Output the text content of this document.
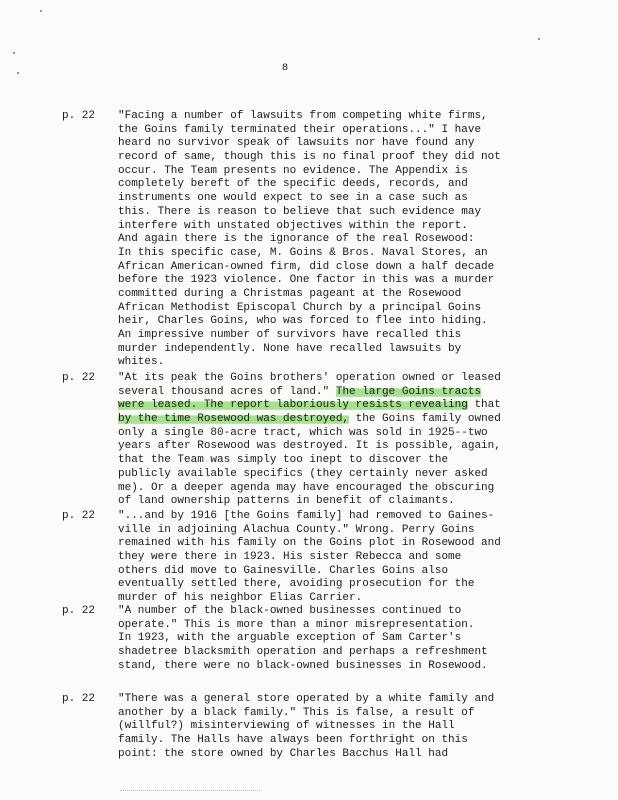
8
p. 22 "Facing a number of lawsuits from competing white firms,
the Goins family terminated their operations..." I have
heard no survivor speak of lawsuits nor have found any
record of same, though this is no final proof they did not
occur. The Team presents no evidence. The Appendix is
completely bereft of the specific deeds, records, and
instruments one would expect to see in a case such as
this. There is reason to believe that such evidence may
interfere with unstated objectives within the report.
And again there is the ignorance of the real Rosewood:
In this specific case, M. Goins & Bros. Naval Stores, an
African American-owned firm, did close down a half decade
before the 1923 violence. One factor in this was a murder
committed during a Christmas pageant at the Rosewood
African Methodist Episcopal Church by a principal Goins
heir, Charles Goins, who was forced to flee into hiding.
An impressive number of survivors have recalled this
murder independently. None have recalled lawsuits by
whites.
p. 22 "At its peak the Goins brothers' operation owned or leased
several thousand acres of land." The large Goins tracts
were leased. The report laboriously resists revealing that
by the time Rosewood was destroyed, the Goins family owned
only a single 80-acre tract, which was sold in 1925--two
years after Rosewood was destroyed. It is possible, again,
that the Team was simply too inept to discover the
publicly available specifics (they certainly never asked
me). Or a deeper agenda may have encouraged the obscuring
of land ownership patterns in benefit of claimants.
p. 22 "...and by 1916 [the Goins family] had removed to Gaines-
ville in adjoining Alachua County." Wrong. Perry Goins
remained with his family on the Goins plot in Rosewood and
they were there in 1923. His sister Rebecca and some
others did move to Gainesville. Charles Goins also
eventually settled there, avoiding prosecution for the
murder of his neighbor Elias Carrier.
p. 22 "A number of the black-owned businesses continued to
operate." This is more than a minor misrepresentation.
In 1923, with the arguable exception of Sam Carter's
shadetree blacksmith operation and perhaps a refreshment
stand, there were no black-owned businesses in Rosewood.
p. 22 "There was a general store operated by a white family and
another by a black family." This is false, a result of
(willful?) misinterviewing of witnesses in the Hall
family. The Halls have always been forthright on this
point: the store owned by Charles Bacchus Hall had
